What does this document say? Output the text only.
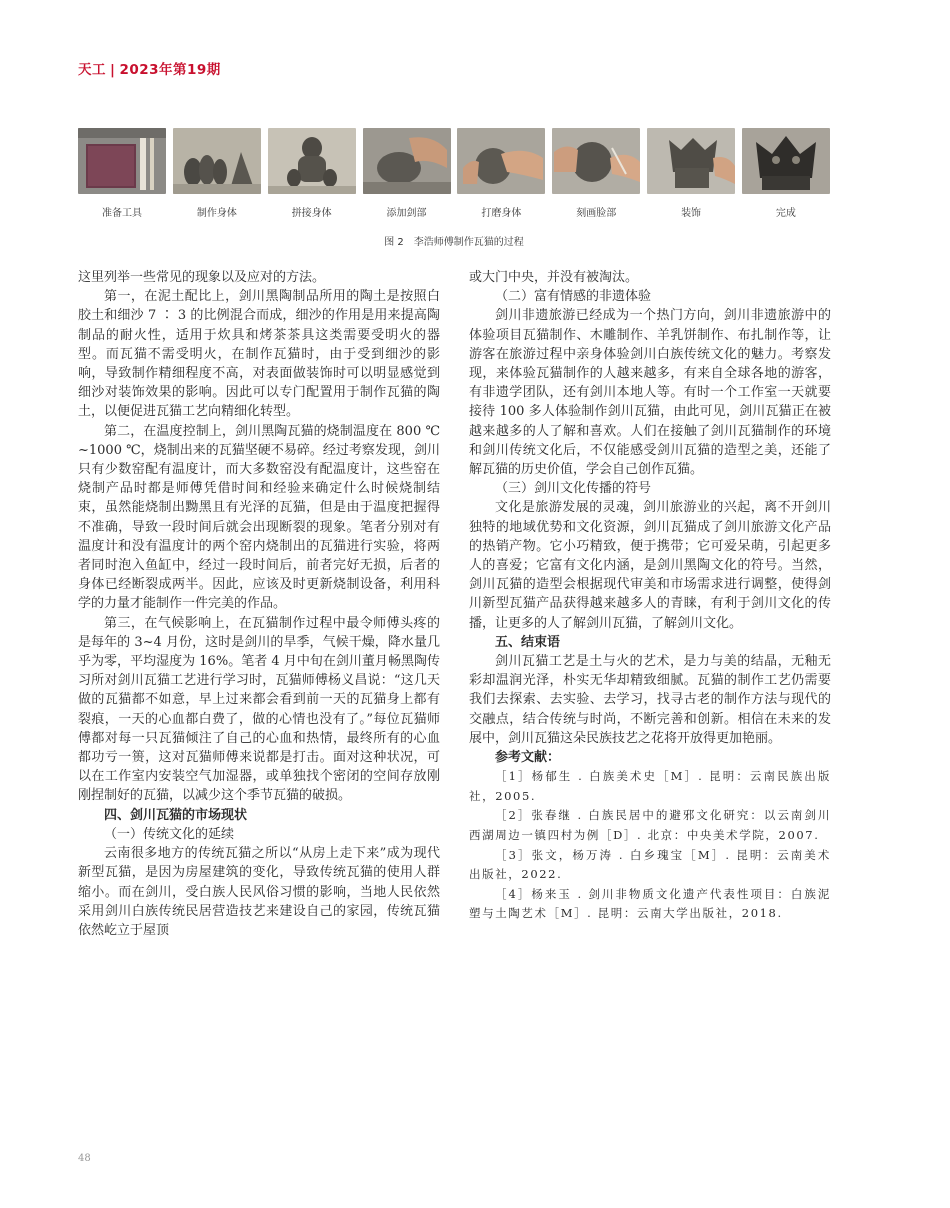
天工 | 2023年第19期
准备工具	制作身体	拼接身体	添加剑部	打磨身体	刻画脸部	装饰	完成
图 2　李浩师傅制作瓦猫的过程

这里列举一些常见的现象以及应对的方法。

第一，在泥土配比上，剑川黑陶制品所用的陶土是按照白胶土和细沙 7 ∶ 3 的比例混合而成，细沙的作用是用来提高陶制品的耐火性，适用于炊具和烤茶茶具这类需要受明火的器型。而瓦猫不需受明火，在制作瓦猫时，由于受到细沙的影响，导致制作精细程度不高，对表面做装饰时可以明显感觉到细沙对装饰效果的影响。因此可以专门配置用于制作瓦猫的陶土，以便促进瓦猫工艺向精细化转型。

第二，在温度控制上，剑川黑陶瓦猫的烧制温度在 800 ℃ ~1000 ℃，烧制出来的瓦猫坚硬不易碎。经过考察发现，剑川只有少数窑配有温度计，而大多数窑没有配温度计，这些窑在烧制产品时都是师傅凭借时间和经验来确定什么时候烧制结束，虽然能烧制出黝黑且有光泽的瓦猫，但是由于温度把握得不准确，导致一段时间后就会出现断裂的现象。笔者分别对有温度计和没有温度计的两个窑内烧制出的瓦猫进行实验，将两者同时泡入鱼缸中，经过一段时间后，前者完好无损，后者的身体已经断裂成两半。因此，应该及时更新烧制设备，利用科学的力量才能制作一件完美的作品。

第三，在气候影响上，在瓦猫制作过程中最令师傅头疼的是每年的 3~4 月份，这时是剑川的旱季，气候干燥，降水量几乎为零，平均湿度为 16%。笔者 4 月中旬在剑川董月畅黑陶传习所对剑川瓦猫工艺进行学习时，瓦猫师傅杨义昌说：“这几天做的瓦猫都不如意，早上过来都会看到前一天的瓦猫身上都有裂痕，一天的心血都白费了，做的心情也没有了。”每位瓦猫师傅都对每一只瓦猫倾注了自己的心血和热情，最终所有的心血都功亏一篑，这对瓦猫师傅来说都是打击。面对这种状况，可以在工作室内安装空气加湿器，或单独找个密闭的空间存放刚刚捏制好的瓦猫，以减少这个季节瓦猫的破损。

四、剑川瓦猫的市场现状

（一）传统文化的延续

云南很多地方的传统瓦猫之所以“从房上走下来”成为现代新型瓦猫，是因为房屋建筑的变化，导致传统瓦猫的使用人群缩小。而在剑川，受白族人民风俗习惯的影响，当地人民依然采用剑川白族传统民居营造技艺来建设自己的家园，传统瓦猫依然屹立于屋顶

或大门中央，并没有被淘汰。

（二）富有情感的非遗体验

剑川非遗旅游已经成为一个热门方向，剑川非遗旅游中的体验项目瓦猫制作、木雕制作、羊乳饼制作、布扎制作等，让游客在旅游过程中亲身体验剑川白族传统文化的魅力。考察发现，来体验瓦猫制作的人越来越多，有来自全球各地的游客，有非遗学团队，还有剑川本地人等。有时一个工作室一天就要接待 100 多人体验制作剑川瓦猫，由此可见，剑川瓦猫正在被越来越多的人了解和喜欢。人们在接触了剑川瓦猫制作的环境和剑川传统文化后，不仅能感受剑川瓦猫的造型之美，还能了解瓦猫的历史价值，学会自己创作瓦猫。

（三）剑川文化传播的符号

文化是旅游发展的灵魂，剑川旅游业的兴起，离不开剑川独特的地域优势和文化资源，剑川瓦猫成了剑川旅游文化产品的热销产物。它小巧精致，便于携带；它可爱呆萌，引起更多人的喜爱；它富有文化内涵，是剑川黑陶文化的符号。当然，剑川瓦猫的造型会根据现代审美和市场需求进行调整，使得剑川新型瓦猫产品获得越来越多人的青睐，有利于剑川文化的传播，让更多的人了解剑川瓦猫，了解剑川文化。

五、结束语

剑川瓦猫工艺是土与火的艺术，是力与美的结晶，无釉无彩却温润光泽，朴实无华却精致细腻。瓦猫的制作工艺仍需要我们去探索、去实验、去学习，找寻古老的制作方法与现代的交融点，结合传统与时尚，不断完善和创新。相信在未来的发展中，剑川瓦猫这朵民族技艺之花将开放得更加艳丽。

参考文献：

［1］杨郁生 . 白族美术史［M］. 昆明：云南民族出版社，2005.

［2］张春继 . 白族民居中的避邪文化研究：以云南剑川西湖周边一镇四村为例［D］. 北京：中央美术学院，2007.

［3］张文，杨万涛 . 白乡瑰宝［M］. 昆明：云南美术出版社，2022.

［4］杨来玉 . 剑川非物质文化遗产代表性项目：白族泥塑与土陶艺术［M］. 昆明：云南大学出版社，2018.

48
